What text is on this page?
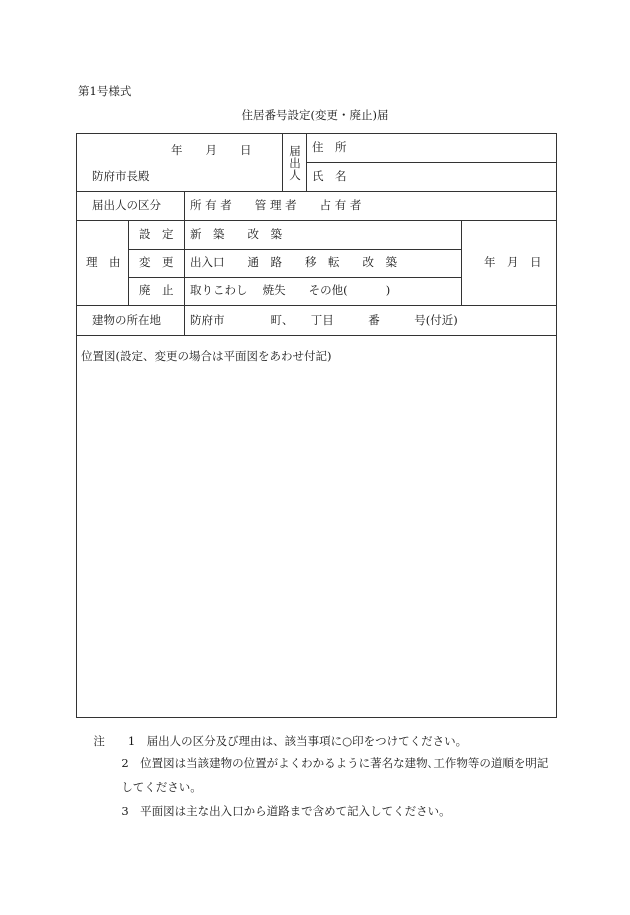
第1号様式
住居番号設定(変更・廃止)届
年　　月　　日
防府市長殿
届
出
人
住　所
氏　名
届出人の区分	所 有 者　　管 理 者　　占 有 者
理　由
設　定 新　築　　改　築
変　更 出入口　　通　路　　移　転　　改　築
廃　止 取りこわし　 焼失　　その他(　　　 )
年　月　日
建物の所在地	防府市　　　　町、　　丁目　　　番　　　号(付近)
位置図(設定、変更の場合は平面図をあわせ付記)

注　　 1　 届出人の区分及び理由は、該当事項に○印をつけてください。

2　 位置図は当該建物の位置がよくわかるように著名な建物､工作物等の道順を明記

してください。

3　 平面図は主な出入口から道路まで含めて記入してください。
